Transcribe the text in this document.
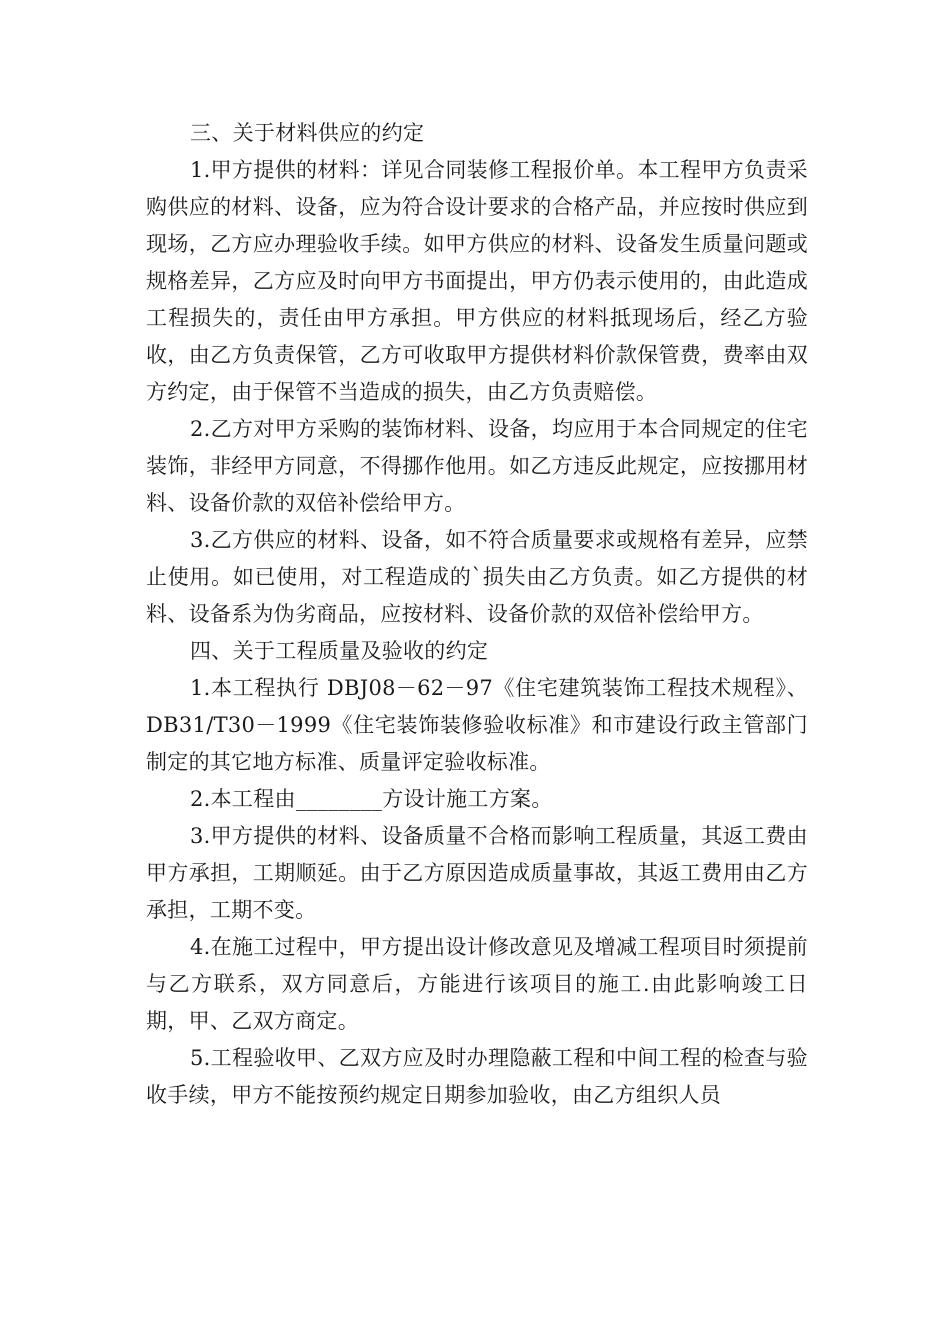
三、关于材料供应的约定

1.甲方提供的材料：详见合同装修工程报价单。本工程甲方负责采购供应的材料、设备，应为符合设计要求的合格产品，并应按时供应到现场，乙方应办理验收手续。如甲方供应的材料、设备发生质量问题或规格差异，乙方应及时向甲方书面提出，甲方仍表示使用的，由此造成工程损失的，责任由甲方承担。甲方供应的材料抵现场后，经乙方验收，由乙方负责保管，乙方可收取甲方提供材料价款保管费，费率由双方约定，由于保管不当造成的损失，由乙方负责赔偿。

2.乙方对甲方采购的装饰材料、设备，均应用于本合同规定的住宅装饰，非经甲方同意，不得挪作他用。如乙方违反此规定，应按挪用材料、设备价款的双倍补偿给甲方。

3.乙方供应的材料、设备，如不符合质量要求或规格有差异，应禁止使用。如已使用，对工程造成的`损失由乙方负责。如乙方提供的材料、设备系为伪劣商品，应按材料、设备价款的双倍补偿给甲方。

四、关于工程质量及验收的约定

1.本工程执行 DBJ08－62－97《住宅建筑装饰工程技术规程》、DB31/T30－1999《住宅装饰装修验收标准》和市建设行政主管部门制定的其它地方标准、质量评定验收标准。

2.本工程由________方设计施工方案。

3.甲方提供的材料、设备质量不合格而影响工程质量，其返工费由甲方承担，工期顺延。由于乙方原因造成质量事故，其返工费用由乙方承担，工期不变。

4.在施工过程中，甲方提出设计修改意见及增减工程项目时须提前与乙方联系，双方同意后，方能进行该项目的施工.由此影响竣工日期，甲、乙双方商定。

5.工程验收甲、乙双方应及时办理隐蔽工程和中间工程的检查与验收手续，甲方不能按预约规定日期参加验收，由乙方组织人员
